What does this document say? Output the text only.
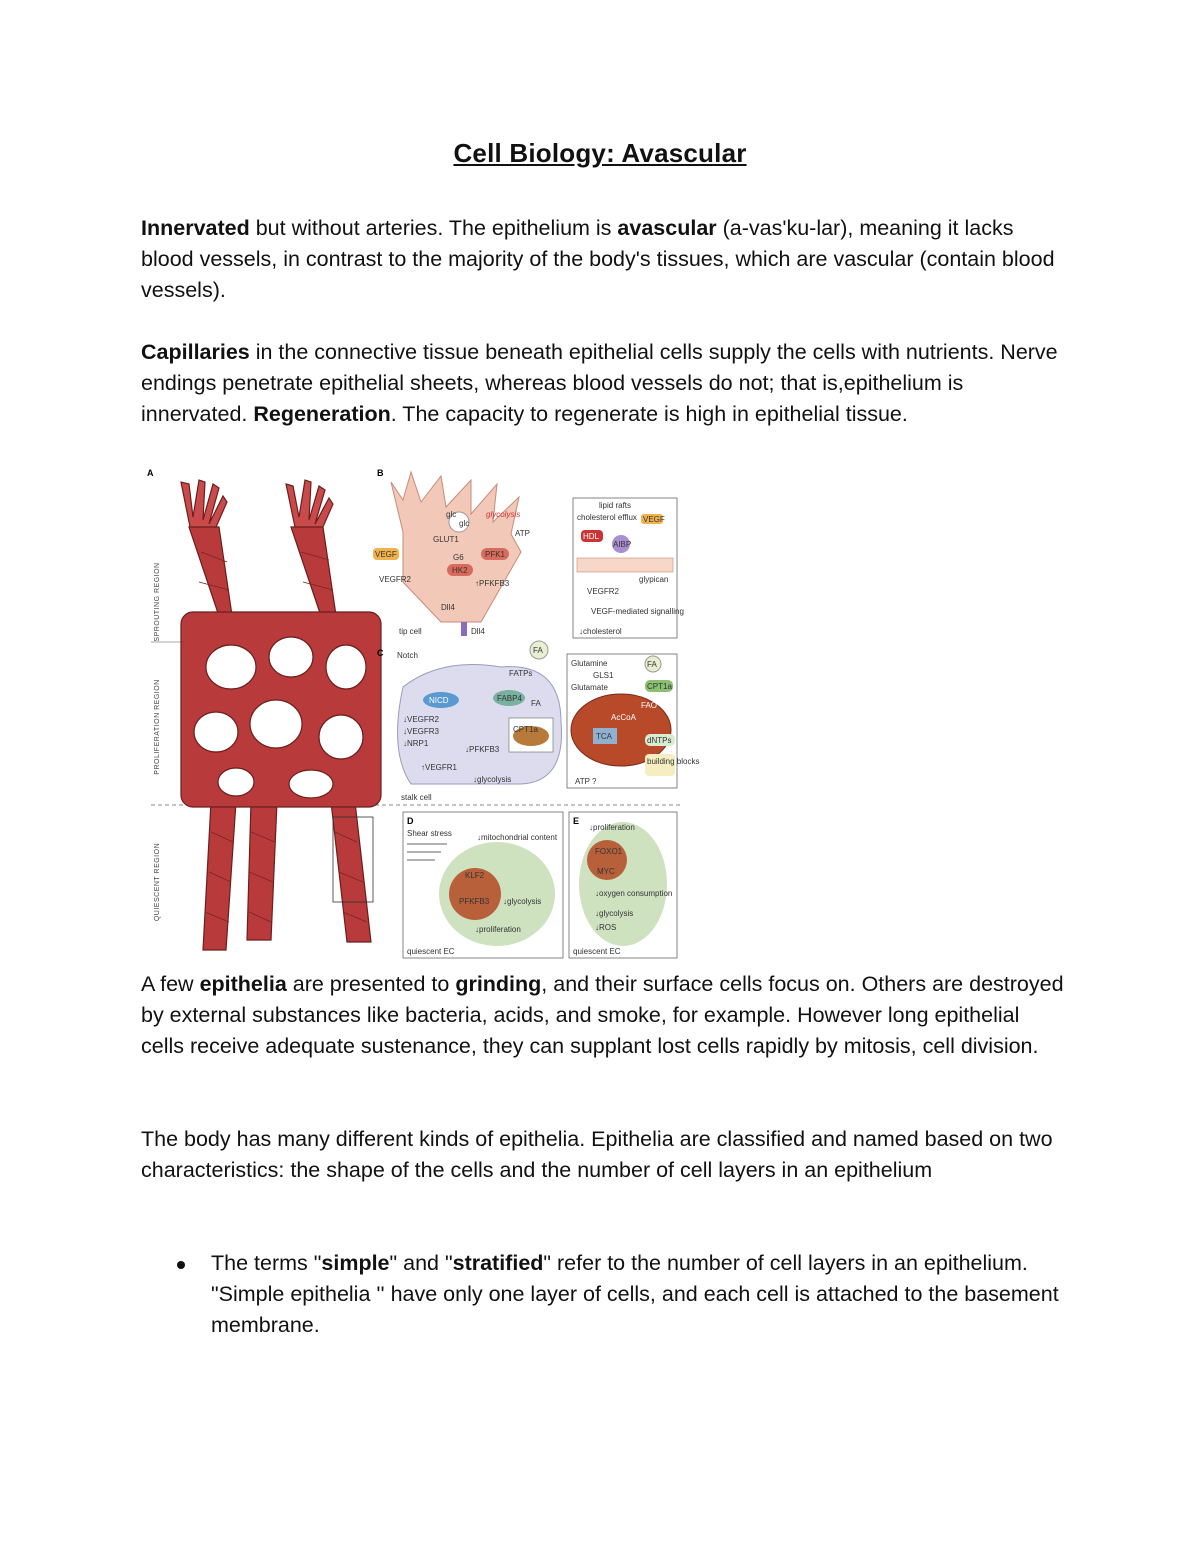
Cell Biology: Avascular

Innervated but without arteries. The epithelium is avascular (a-vas'ku-lar), meaning it lacks blood vessels, in contrast to the majority of the body's tissues, which are vascular (contain blood vessels).

Capillaries in the connective tissue beneath epithelial cells supply the cells with nutrients. Nerve endings penetrate epithelial sheets, whereas blood vessels do not; that is,epithelium is innervated. Regeneration. The capacity to regenerate is high in epithelial tissue.

A
SPROUTING REGION
PROLIFERATION REGION
QUIESCENT REGION
B
glc
glc
glycolysis
GLUT1
G6
HK2
PFK1
ATP
↑PFKFB3
VEGF
VEGFR2
Dll4
Dll4
tip cell
lipid rafts
cholesterol efflux VEGF
HDL
AIBP
glypican
VEGFR2
VEGF-mediated signalling
↓cholesterol
C Notch
FA
FATPs
NICD	FABP4
FA
↓VEGFR2
↓VEGFR3
↓NRP1
↓PFKFB3
↑VEGFR1
↓glycolysis
CPT1a
stalk cell
Glutamine	FA
GLS1
Glutamate	CPT1a
FAO
AcCoA
TCA	dNTPs
building blocks
ATP ?
D
Shear stress	↓mitochondrial content
KLF2
PFKFB3 ↓glycolysis
↓proliferation
quiescent EC
E
↓proliferation
FOXO1
MYC
↓oxygen consumption
↓glycolysis
↓ROS
quiescent EC

A few epithelia are presented to grinding, and their surface cells focus on. Others are destroyed by external substances like bacteria, acids, and smoke, for example. However long epithelial cells receive adequate sustenance, they can supplant lost cells rapidly by mitosis, cell division.

The body has many different kinds of epithelia. Epithelia are classified and named based on two characteristics: the shape of the cells and the number of cell layers in an epithelium

The terms "simple" and "stratified" refer to the number of cell layers in an epithelium. "Simple epithelia '' have only one layer of cells, and each cell is attached to the basement membrane.
